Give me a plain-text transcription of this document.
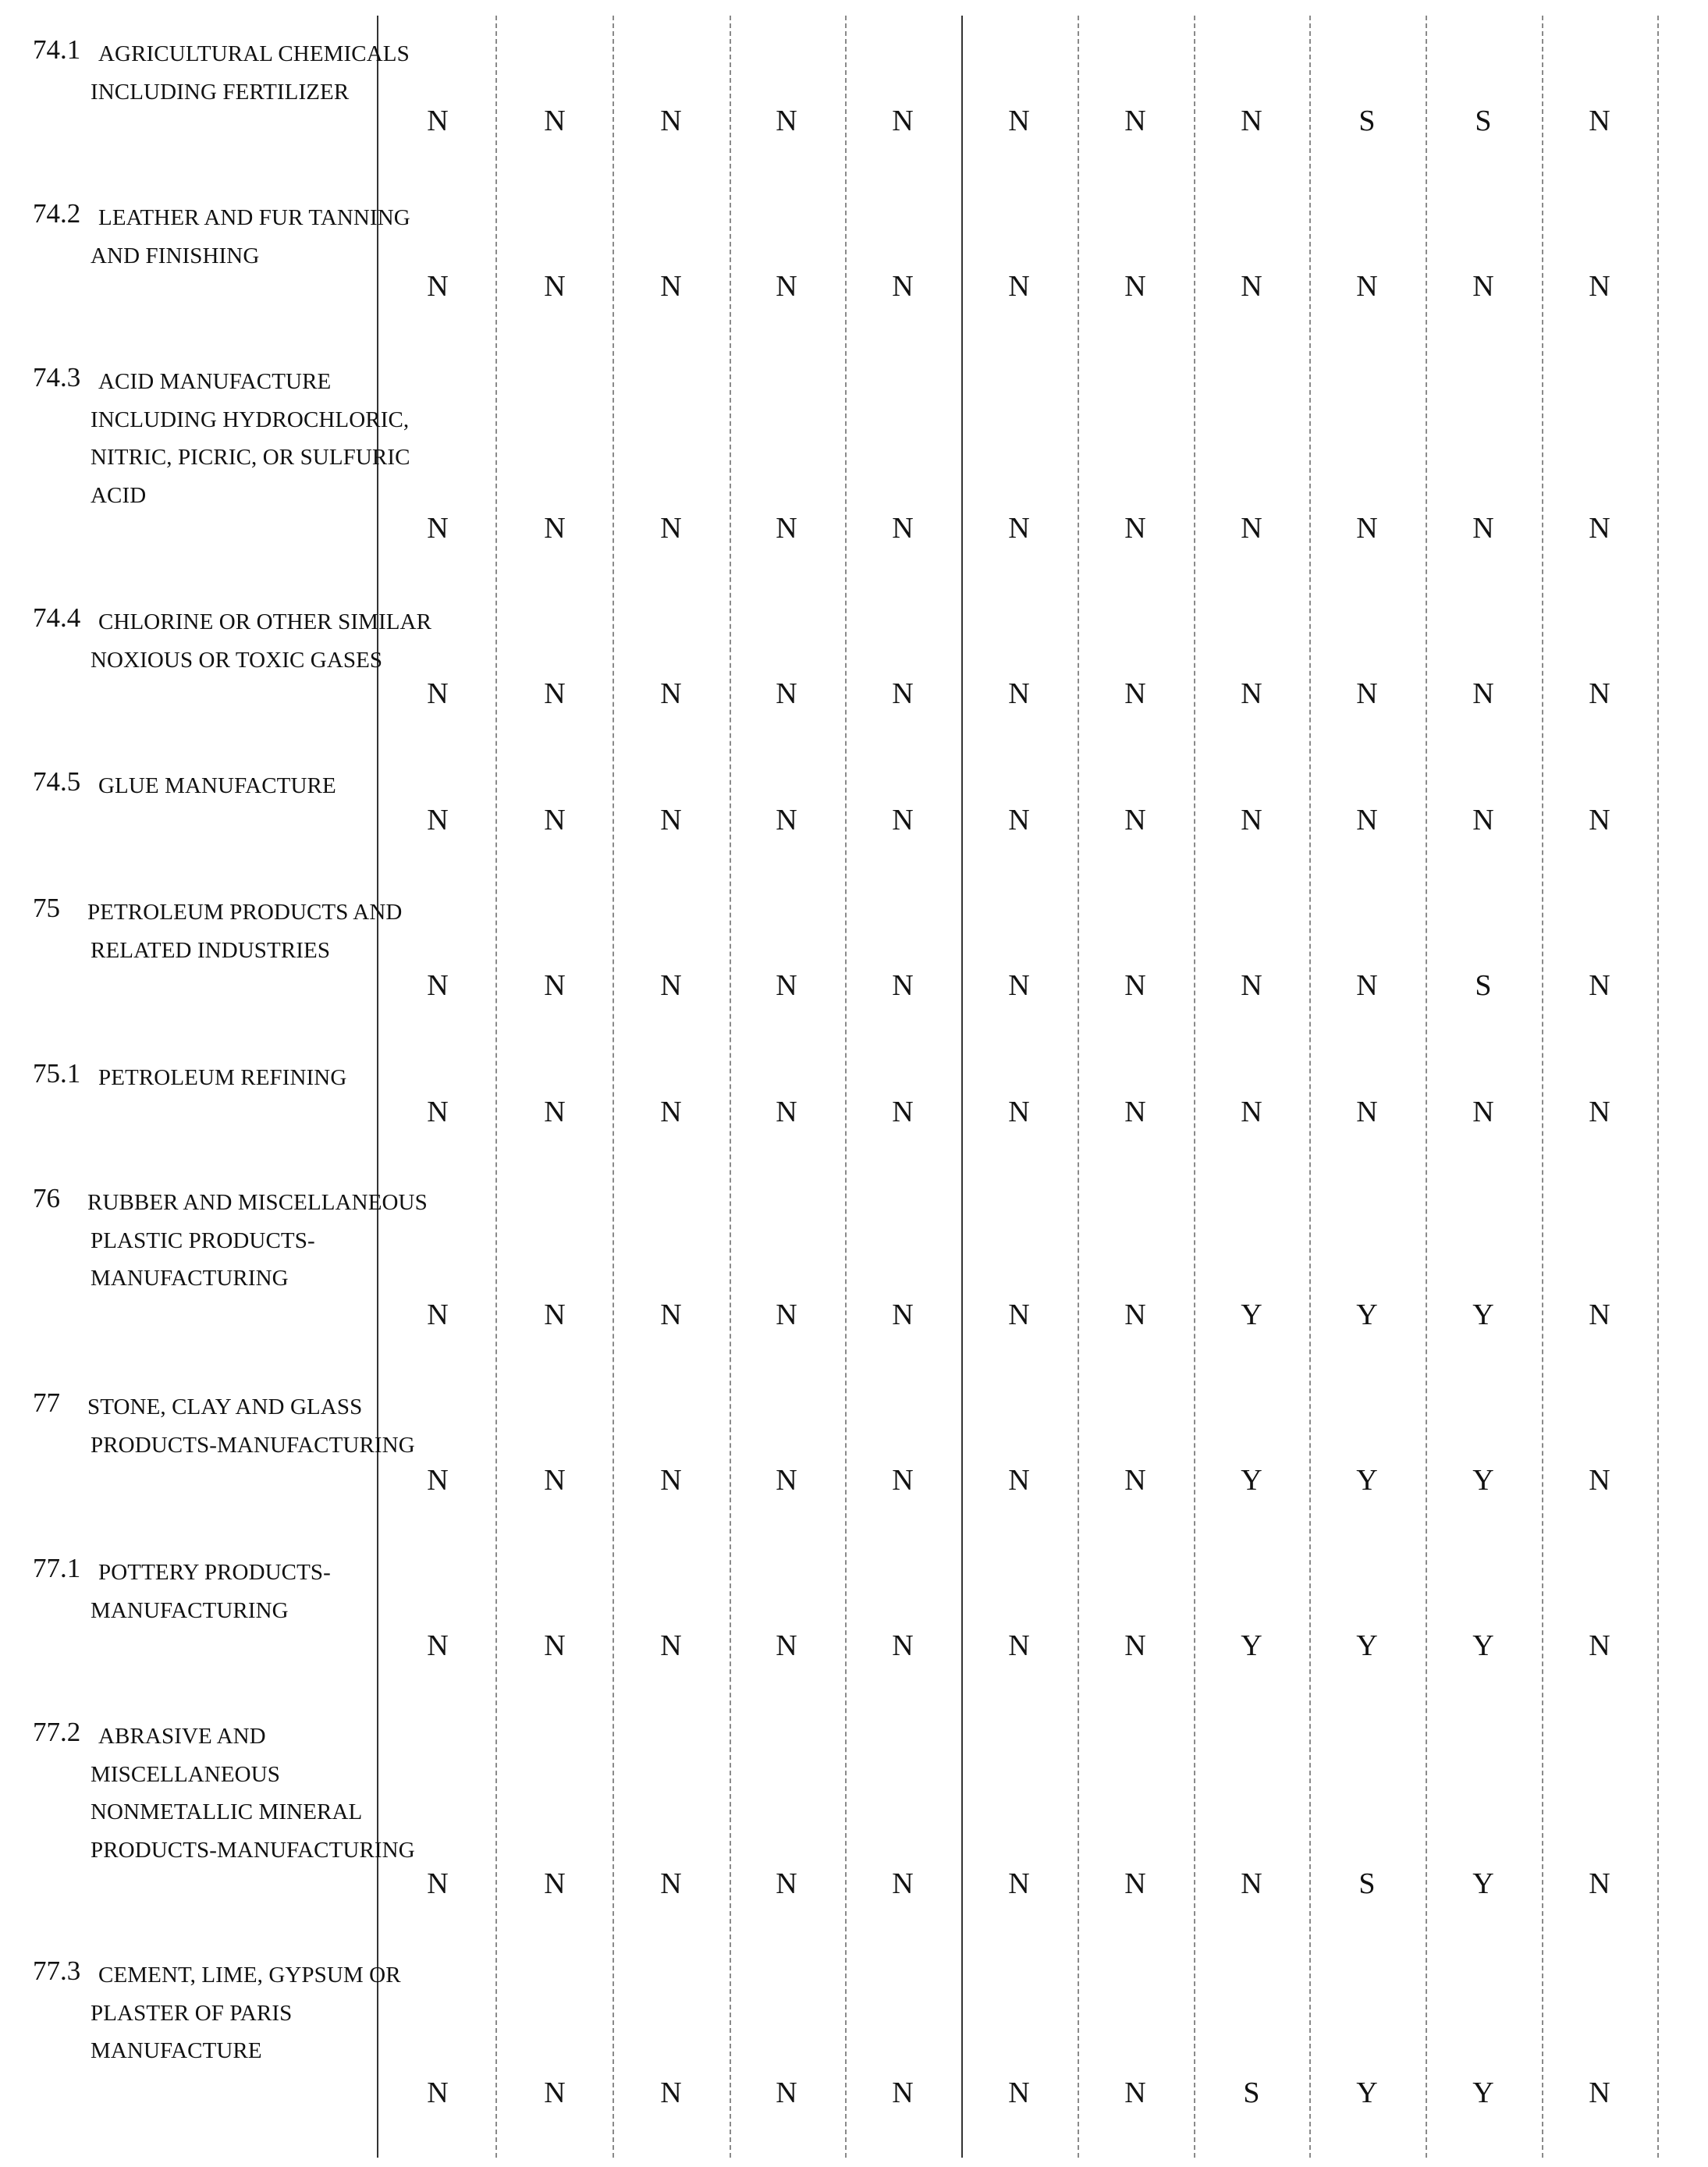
74.1 AGRICULTURAL CHEMICALS
INCLUDING FERTILIZER
N	N	N	N	N	N	N	N	S	S	N
74.2 LEATHER AND FUR TANNING
AND FINISHING
N	N	N	N	N	N	N	N	N	N	N
74.3 ACID MANUFACTURE
INCLUDING HYDROCHLORIC,
NITRIC, PICRIC, OR SULFURIC
ACID
N	N	N	N	N	N	N	N	N	N	N
74.4 CHLORINE OR OTHER SIMILAR
NOXIOUS OR TOXIC GASES
N	N	N	N	N	N	N	N	N	N	N
74.5 GLUE MANUFACTURE
N	N	N	N	N	N	N	N	N	N	N
75 PETROLEUM PRODUCTS AND
RELATED INDUSTRIES
N	N	N	N	N	N	N	N	N	S	N
75.1 PETROLEUM REFINING
N	N	N	N	N	N	N	N	N	N	N
76 RUBBER AND MISCELLANEOUS
PLASTIC PRODUCTS-
MANUFACTURING
N	N	N	N	N	N	N	Y	Y	Y	N
77 STONE, CLAY AND GLASS
PRODUCTS-MANUFACTURING
N	N	N	N	N	N	N	Y	Y	Y	N
77.1 POTTERY PRODUCTS-
MANUFACTURING
N	N	N	N	N	N	N	Y	Y	Y	N
77.2 ABRASIVE AND
MISCELLANEOUS
NONMETALLIC MINERAL
PRODUCTS-MANUFACTURING
N	N	N	N	N	N	N	N	S	Y	N
77.3 CEMENT, LIME, GYPSUM OR
PLASTER OF PARIS
MANUFACTURE
N	N	N	N	N	N	N	S	Y	Y	N
